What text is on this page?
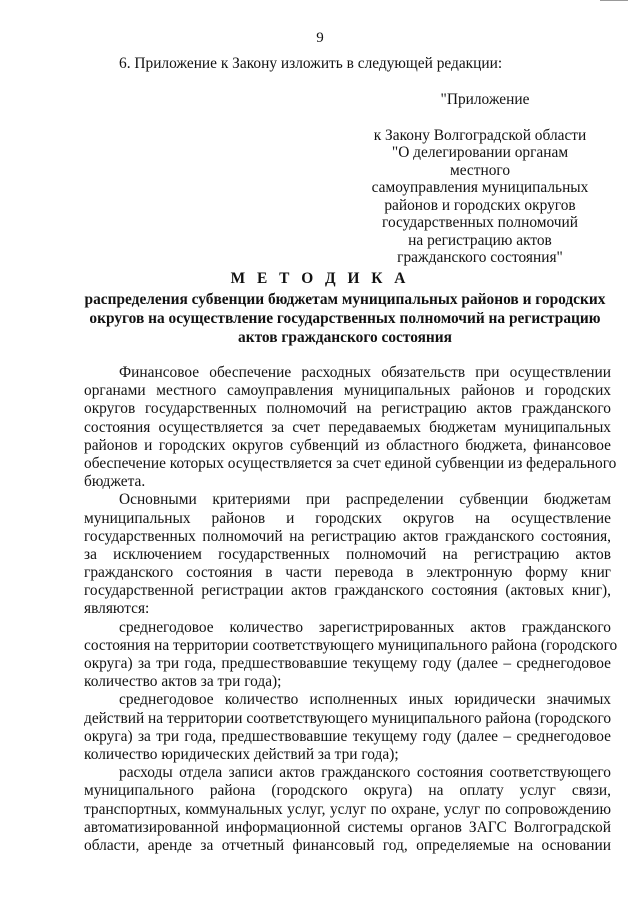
9
6. Приложение к Закону изложить в следующей редакции:
"Приложение
к Закону Волгоградской области
"О делегировании органам местного
самоуправления муниципальных
районов и городских округов
государственных полномочий
на регистрацию актов
гражданского состояния"
М Е Т О Д И К А
распределения субвенции бюджетам муниципальных районов и городских
округов на осуществление государственных полномочий на регистрацию
актов гражданского состояния
Финансовое обеспечение расходных обязательств при осуществлении
органами местного самоуправления муниципальных районов и городских
округов государственных полномочий на регистрацию актов гражданского
состояния осуществляется за счет передаваемых бюджетам муниципальных
районов и городских округов субвенций из областного бюджета, финансовое
обеспечение которых осуществляется за счет единой субвенции из федерального
бюджета.
Основными критериями при распределении субвенции бюджетам
муниципальных районов и городских округов на осуществление
государственных полномочий на регистрацию актов гражданского состояния,
за исключением государственных полномочий на регистрацию актов
гражданского состояния в части перевода в электронную форму книг
государственной регистрации актов гражданского состояния (актовых книг),
являются:
среднегодовое количество зарегистрированных актов гражданского
состояния на территории соответствующего муниципального района (городского
округа) за три года, предшествовавшие текущему году (далее – среднегодовое
количество актов за три года);
среднегодовое количество исполненных иных юридически значимых
действий на территории соответствующего муниципального района (городского
округа) за три года, предшествовавшие текущему году (далее – среднегодовое
количество юридических действий за три года);
расходы отдела записи актов гражданского состояния соответствующего
муниципального района (городского округа) на оплату услуг связи,
транспортных, коммунальных услуг, услуг по охране, услуг по сопровождению
автоматизированной информационной системы органов ЗАГС Волгоградской
области, аренде за отчетный финансовый год, определяемые на основании
